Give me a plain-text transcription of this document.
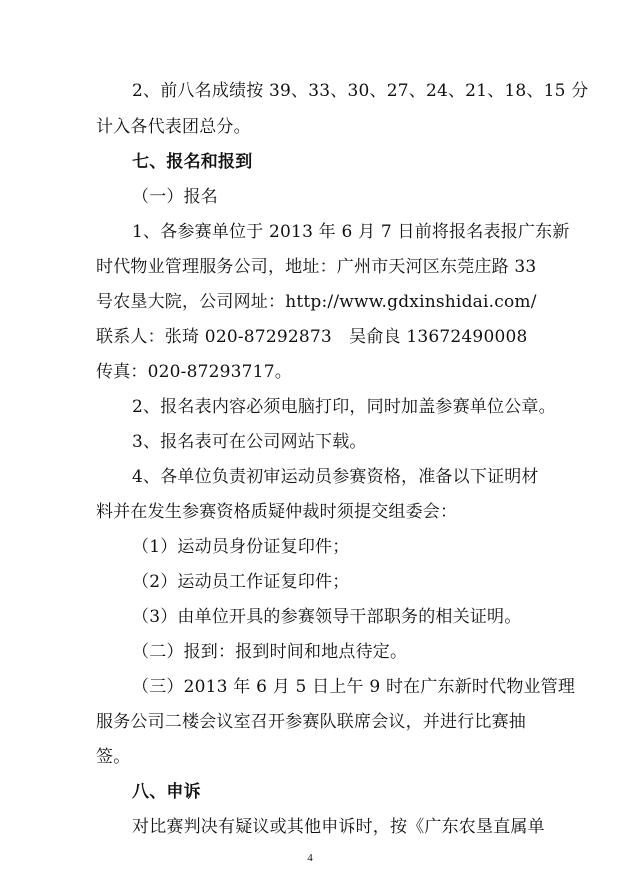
2、前八名成绩按 39、33、30、27、24、21、18、15 分
计入各代表团总分。
七、报名和报到
（一）报名
1、各参赛单位于 2013 年 6 月 7 日前将报名表报广东新
时代物业管理服务公司，地址：广州市天河区东莞庄路 33
号农垦大院，公司网址：http://www.gdxinshidai.com/
联系人：张琦 020-87292873　吴俞良 13672490008
传真：020-87293717。
2、报名表内容必须电脑打印，同时加盖参赛单位公章。
3、报名表可在公司网站下载。
4、各单位负责初审运动员参赛资格，准备以下证明材
料并在发生参赛资格质疑仲裁时须提交组委会：
（1）运动员身份证复印件；
（2）运动员工作证复印件；
（3）由单位开具的参赛领导干部职务的相关证明。
（二）报到：报到时间和地点待定。
（三）2013 年 6 月 5 日上午 9 时在广东新时代物业管理
服务公司二楼会议室召开参赛队联席会议，并进行比赛抽
签。
八、申诉
对比赛判决有疑议或其他申诉时，按《广东农垦直属单
4
